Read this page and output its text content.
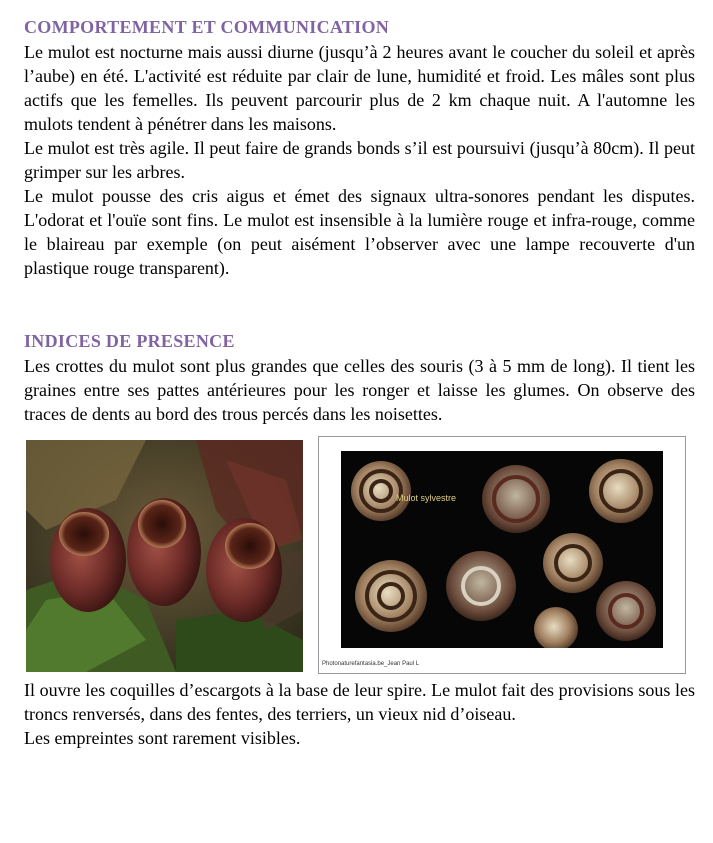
COMPORTEMENT ET COMMUNICATION

Le mulot est nocturne mais aussi diurne (jusqu’à 2 heures avant le coucher du soleil et après l’aube) en été. L'activité est réduite par clair de lune, humidité et froid. Les mâles sont plus actifs que les femelles. Ils peuvent parcourir plus de 2 km chaque nuit. A l'automne les mulots tendent à pénétrer dans les maisons.

Le mulot est très agile. Il peut faire de grands bonds s’il est poursuivi (jusqu’à 80cm). Il peut grimper sur les arbres.

Le mulot pousse des cris aigus et émet des signaux ultra-sonores pendant les disputes. L'odorat et l'ouïe sont fins. Le mulot est insensible à la lumière rouge et infra-rouge, comme le blaireau par exemple (on peut aisément l’observer avec une lampe recouverte d'un plastique rouge transparent).

INDICES DE PRESENCE

Les crottes du mulot sont plus grandes que celles des souris (3 à 5 mm de long). Il tient les graines entre ses pattes antérieures pour les ronger et laisse les glumes. On observe des traces de dents au bord des trous percés dans les noisettes.

Mulot sylvestre
Photonaturefantasia.be_Jean Paul L

Il ouvre les coquilles d’escargots à la base de leur spire. Le mulot fait des provisions sous les troncs renversés, dans des fentes, des terriers, un vieux nid d’oiseau.

Les empreintes sont rarement visibles.
